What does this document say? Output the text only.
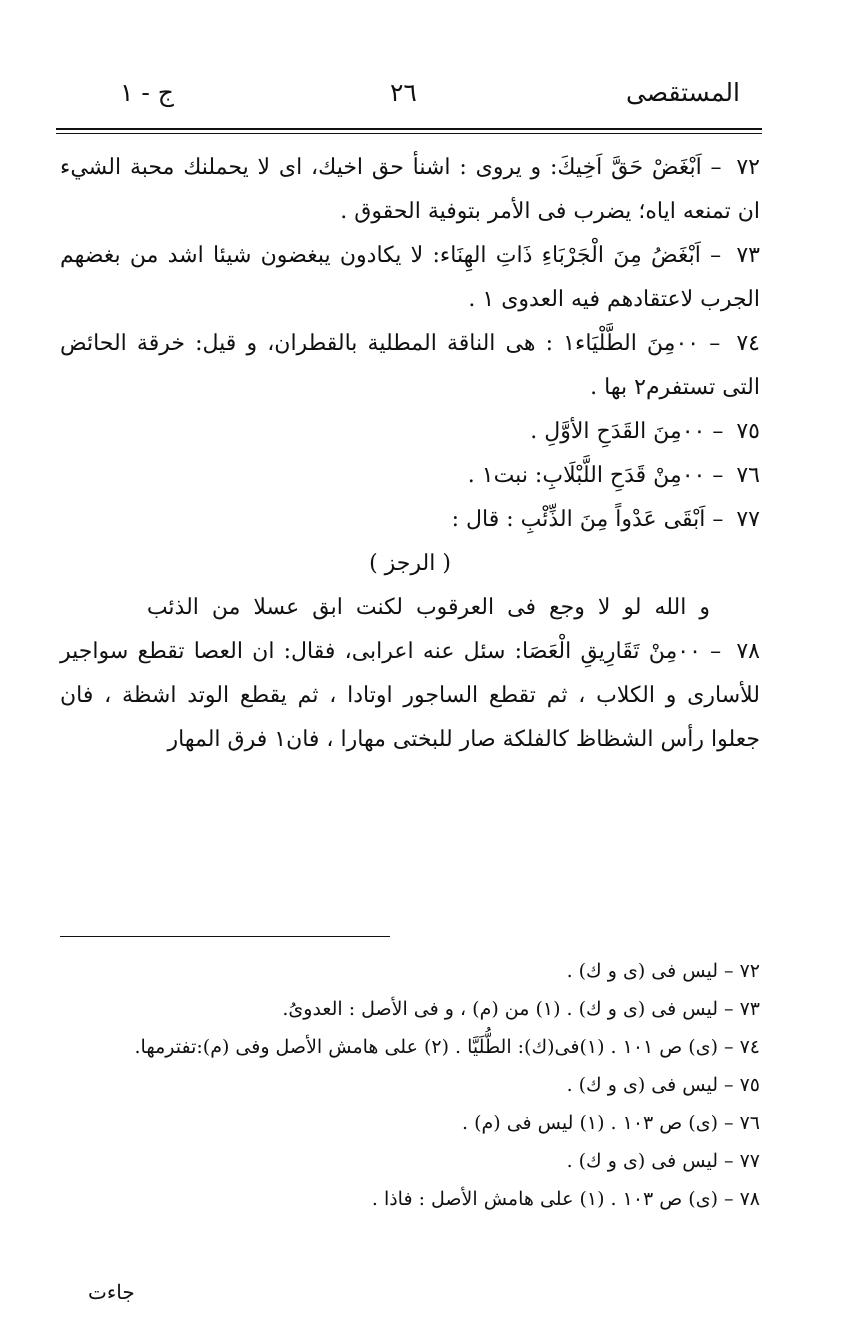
المستقصى
٢٦
ج - ١

٧٢ – اَبْغَضْ حَقَّ اَخِيكَ: و يروى : اشنأ حق اخيك، اى لا يحملنك محبة الشيء ان تمنعه اياه؛ يضرب فى الأمر بتوفية الحقوق .

٧٣ – اَبْغَضُ مِنَ الْجَرْبَاءِ ذَاتِ الهِنَاء: لا يكادون يبغضون شيئا اشد من بغضهم الجرب لاعتقادهم فيه العدوى ١ .

٧٤ – ٠٠مِنَ الطَّلْيَاء١ : هى الناقة المطلية بالقطران، و قيل: خرقة الحائض التى تستفرم٢ بها .

٧٥ – ٠٠مِنَ القَدَحِ الأوَّلِ .

٧٦ – ٠٠مِنْ قَدَحِ اللَّبْلَابِ: نبت١ .

٧٧ – اَبْقَى عَدْواً مِنَ الذِّئْبِ : قال :

( الرجز )

و الله لو لا وجع فى العرقوب لكنت ابق عسلا من الذئب

٧٨ – ٠٠مِنْ تَقَارِيقِ الْعَصَا: سئل عنه اعرابى، فقال: ان العصا تقطع سواجير للأسارى و الكلاب ، ثم تقطع الساجور اوتادا ، ثم يقطع الوتد اشظة ، فان جعلوا رأس الشظاظ كالفلكة صار للبختى مهارا ، فان١ فرق المهار

٧٢ – ليس فى (ى و ك) .

٧٣ – ليس فى (ى و ك) . (١) من (م) ، و فى الأصل : العدوىُ.

٧٤ – (ى) ص ١٠١ . (١)فى(ك): الطُّلَيَّا . (٢) على هامش الأصل وفى (م):تفترمها.

٧٥ – ليس فى (ى و ك) .

٧٦ – (ى) ص ١٠٣ . (١) ليس فى (م) .

٧٧ – ليس فى (ى و ك) .

٧٨ – (ى) ص ١٠٣ . (١) على هامش الأصل : فاذا .

جاءت
